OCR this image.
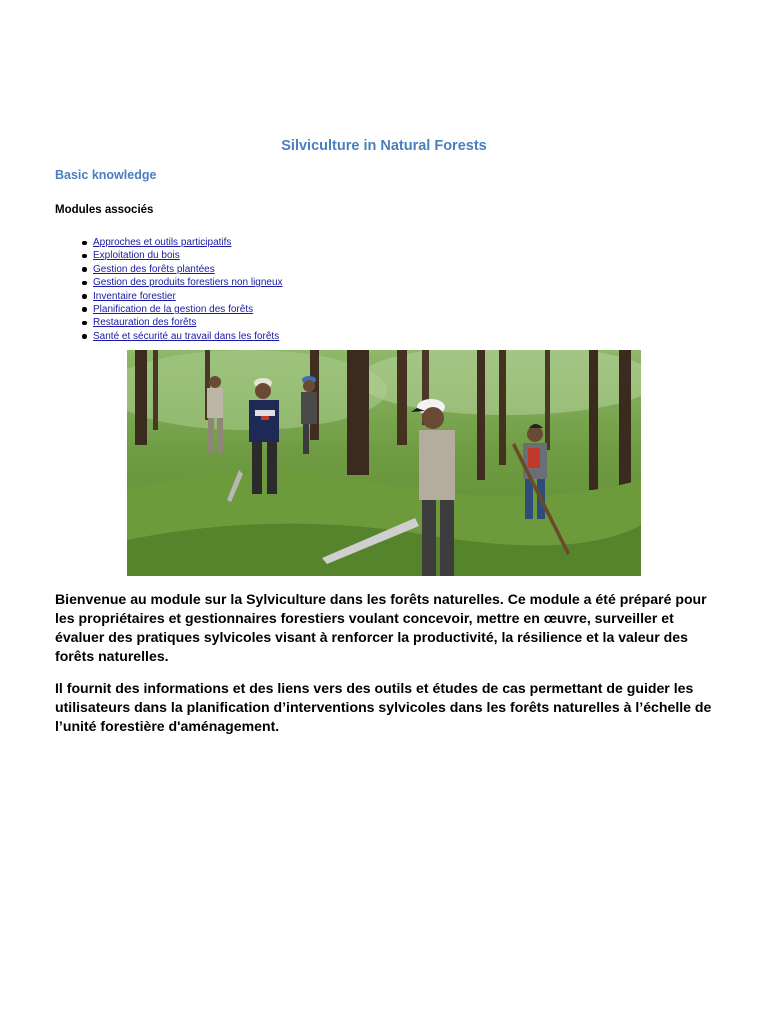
Silviculture in Natural Forests
Basic knowledge
Modules associés
Approches et outils participatifs
Exploitation du bois
Gestion des forêts plantées
Gestion des produits forestiers non ligneux
Inventaire forestier
Planification de la gestion des forêts
Restauration des forêts
Santé et sécurité au travail dans les forêts

Bienvenue au module sur la Sylviculture dans les forêts naturelles. Ce module a été préparé pour les propriétaires et gestionnaires forestiers voulant concevoir, mettre en œuvre, surveiller et évaluer des pratiques sylvicoles visant à renforcer la productivité, la résilience et la valeur des forêts naturelles.

Il fournit des informations et des liens vers des outils et études de cas permettant de guider les utilisateurs dans la planification d’interventions sylvicoles dans les forêts naturelles à l’échelle de l’unité forestière d'aménagement.
